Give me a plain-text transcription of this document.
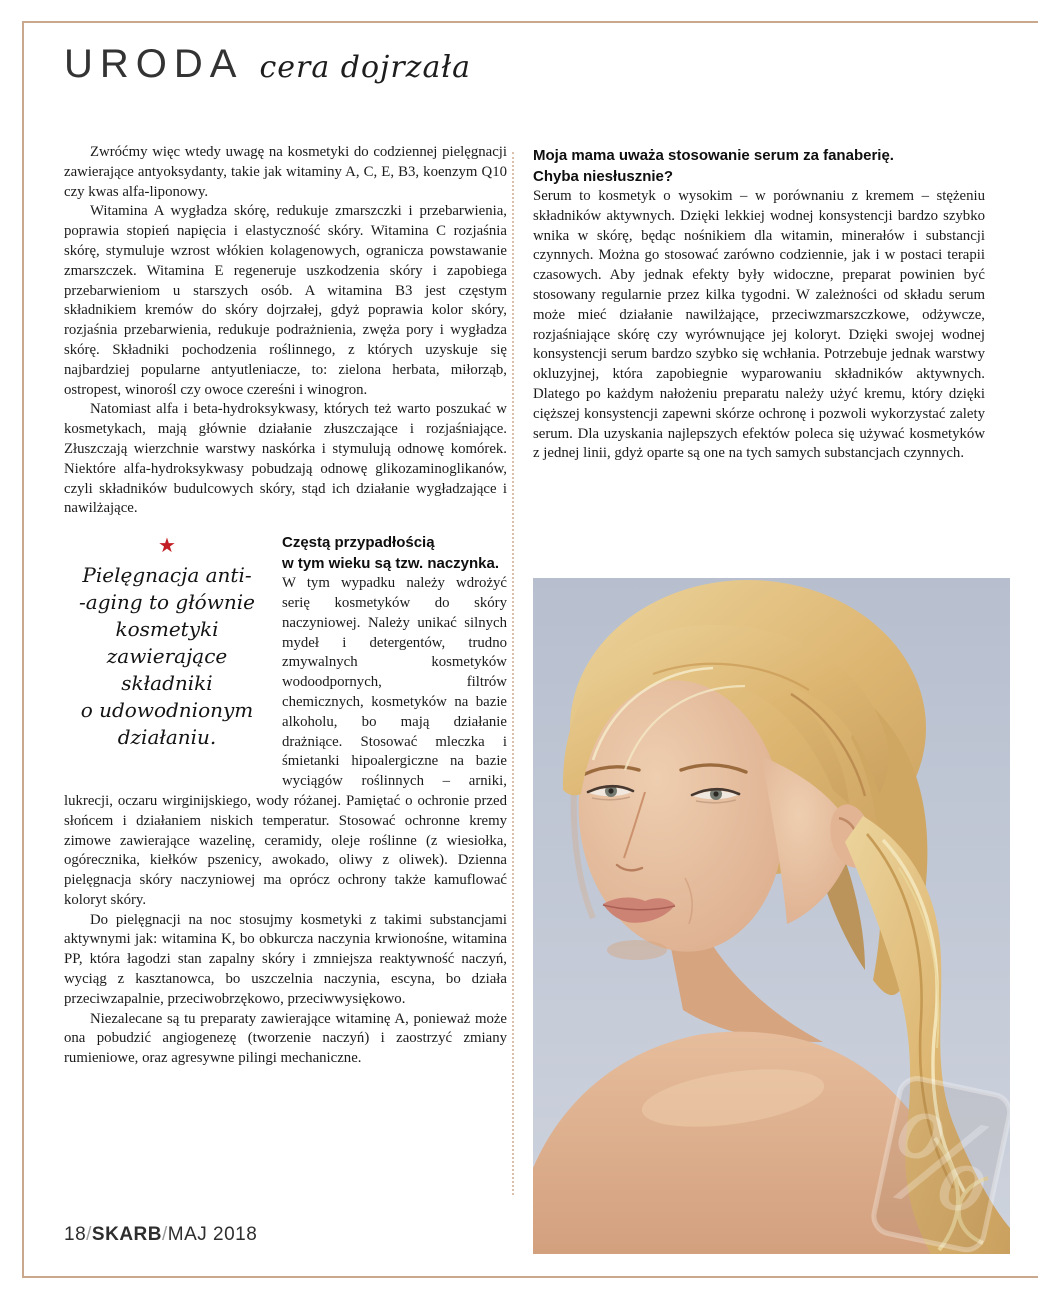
URODA cera dojrzała

Zwróćmy więc wtedy uwagę na kosmetyki do codziennej pielęgnacji zawierające antyoksydanty, takie jak witaminy A, C, E, B3, koenzym Q10 czy kwas alfa-liponowy.

Witamina A wygładza skórę, redukuje zmarszczki i przebarwienia, poprawia stopień napięcia i elastyczność skóry. Witamina C rozjaśnia skórę, stymuluje wzrost włókien kolagenowych, ogranicza powstawanie zmarszczek. Witamina E regeneruje uszkodzenia skóry i zapobiega przebarwieniom u starszych osób. A witamina B3 jest częstym składnikiem kremów do skóry dojrzałej, gdyż poprawia kolor skóry, rozjaśnia przebarwienia, redukuje podrażnienia, zwęża pory i wygładza skórę. Składniki pochodzenia roślinnego, z których uzyskuje się najbardziej popularne antyutleniacze, to: zielona herbata, miłorząb, ostropest, winorośl czy owoce czereśni i winogron.

Natomiast alfa i beta-hydroksykwasy, których też warto poszukać w kosmetykach, mają głównie działanie złuszczające i rozjaśniające. Złuszczają wierzchnie warstwy naskórka i stymulują odnowę komórek. Niektóre alfa-hydroksykwasy pobudzają odnowę glikozaminoglikanów, czyli składników budulcowych skóry, stąd ich działanie wygładzające i nawilżające.

★
Pielęgnacja anti-
-aging to głównie
kosmetyki
zawierające
składniki
o udowodnionym
działaniu.
Częstą przypadłością
w tym wieku są tzw. naczynka.

W tym wypadku należy wdrożyć serię kosmetyków do skóry naczyniowej. Należy unikać silnych mydeł i detergentów, trudno zmywalnych kosmetyków wodoodpornych, filtrów chemicznych, kosmetyków na bazie alkoholu, bo mają działanie drażniące. Stosować mleczka i śmietanki hipoalergiczne na bazie wyciągów roślinnych – arniki, lukrecji, oczaru wirginijskiego, wody różanej. Pamiętać o ochronie przed słońcem i działaniem niskich temperatur. Stosować ochronne kremy zimowe zawierające wazelinę, ceramidy, oleje roślinne (z wiesiołka, ogórecznika, kiełków pszenicy, awokado, oliwy z oliwek). Dzienna pielęgnacja skóry naczyniowej ma oprócz ochrony także kamuflować koloryt skóry.

Do pielęgnacji na noc stosujmy kosmetyki z takimi substancjami aktywnymi jak: witamina K, bo obkurcza naczynia krwionośne, witamina PP, która łagodzi stan zapalny skóry i zmniejsza reaktywność naczyń, wyciąg z kasztanowca, bo uszczelnia naczynia, escyna, bo działa przeciwzapalnie, przeciwobrzękowo, przeciwwysiękowo.

Niezalecane są tu preparaty zawierające witaminę A, ponieważ może ona pobudzić angiogenezę (tworzenie naczyń) i zaostrzyć zmiany rumieniowe, oraz agresywne pilingi mechaniczne.

Moja mama uważa stosowanie serum za fanaberię.
Chyba niesłusznie?

Serum to kosmetyk o wysokim – w porównaniu z kremem – stężeniu składników aktywnych. Dzięki lekkiej wodnej konsystencji bardzo szybko wnika w skórę, będąc nośnikiem dla witamin, minerałów i substancji czynnych. Można go stosować zarówno codziennie, jak i w postaci terapii czasowych. Aby jednak efekty były widoczne, preparat powinien być stosowany regularnie przez kilka tygodni. W zależności od składu serum może mieć działanie nawilżające, przeciwzmarszczkowe, odżywcze, rozjaśniające skórę czy wyrównujące jej koloryt. Dzięki swojej wodnej konsystencji serum bardzo szybko się wchłania. Potrzebuje jednak warstwy okluzyjnej, która zapobiegnie wyparowaniu składników aktywnych. Dlatego po każdym nałożeniu preparatu należy użyć kremu, który dzięki cięższej konsystencji zapewni skórze ochronę i pozwoli wykorzystać zalety serum. Dla uzyskania najlepszych efektów poleca się używać kosmetyków z jednej linii, gdyż oparte są one na tych samych substancjach czynnych.

%
18/SKARB/MAJ 2018
